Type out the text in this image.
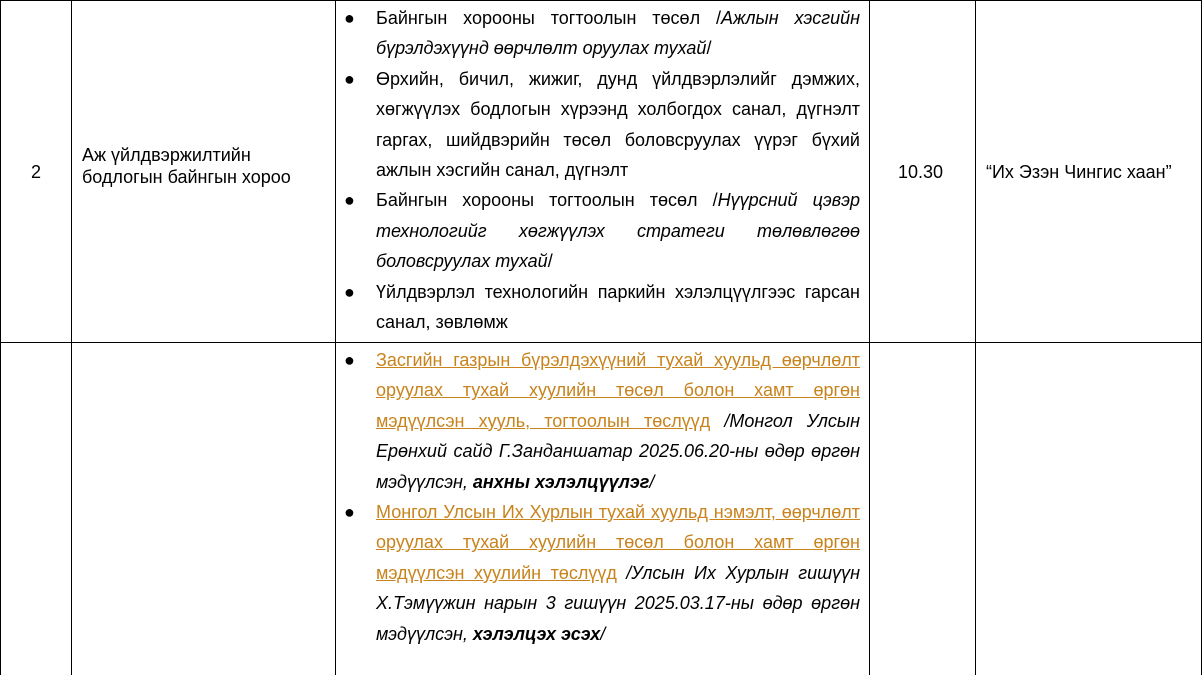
2
Аж үйлдвэржилтийн бодлогын байнгын хороо
● Байнгын хорооны тогтоолын төсөл /Ажлын хэсгийн бүрэлдэхүүнд өөрчлөлт оруулах тухай/
● Өрхийн, бичил, жижиг, дунд үйлдвэрлэлийг дэмжих, хөгжүүлэх бодлогын хүрээнд холбогдох санал, дүгнэлт гаргах, шийдвэрийн төсөл боловсруулах үүрэг бүхий ажлын хэсгийн санал, дүгнэлт
● Байнгын хорооны тогтоолын төсөл /Нүүрсний цэвэр технологийг хөгжүүлэх стратеги төлөвлөгөө боловсруулах тухай/
● Үйлдвэрлэл технологийн паркийн хэлэлцүүлгээс гарсан санал, зөвлөмж
10.30 “Их Эзэн Чингис хаан”
● Засгийн газрын бүрэлдэхүүний тухай хуульд өөрчлөлт оруулах тухай хуулийн төсөл болон хамт өргөн мэдүүлсэн хууль, тогтоолын төслүүд /Монгол Улсын Ерөнхий сайд Г.Занданшатар 2025.06.20-ны өдөр өргөн мэдүүлсэн, анхны хэлэлцүүлэг/
● Монгол Улсын Их Хурлын тухай хуульд нэмэлт, өөрчлөлт оруулах тухай хуулийн төсөл болон хамт өргөн мэдүүлсэн хуулийн төслүүд /Улсын Их Хурлын гишүүн Х.Тэмүүжин нарын 3 гишүүн 2025.03.17-ны өдөр өргөн мэдүүлсэн, хэлэлцэх эсэх/
